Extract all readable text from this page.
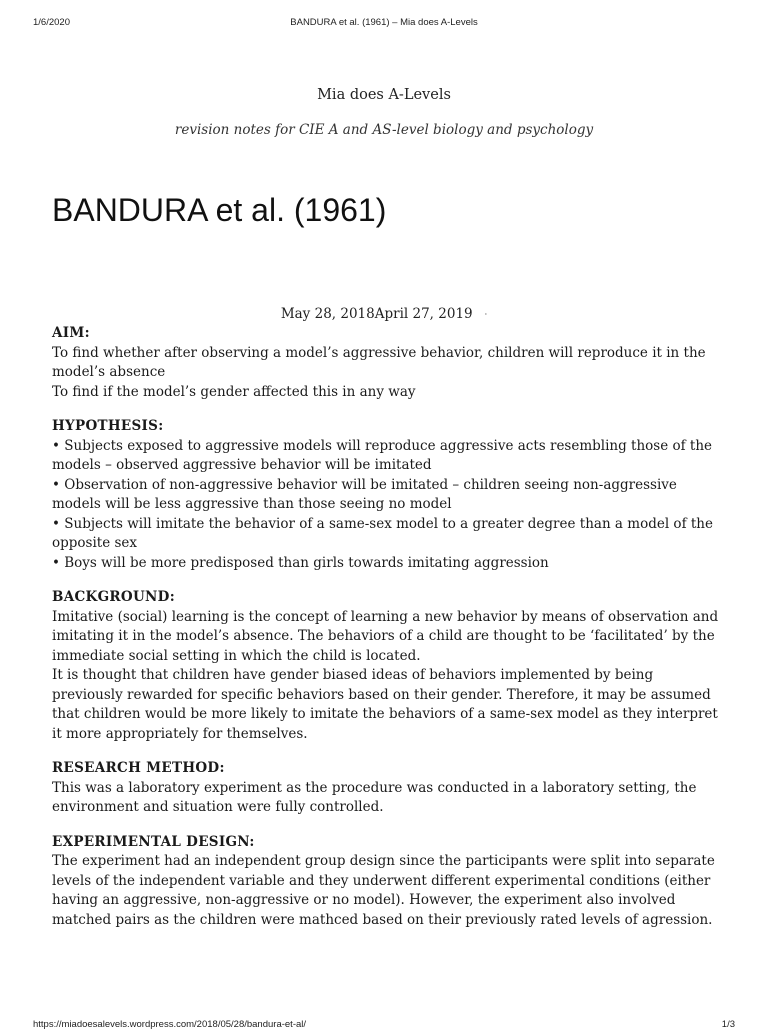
1/6/2020	BANDURA et al. (1961) – Mia does A-Levels
Mia does A-Levels
revision notes for CIE A and AS-level biology and psychology
BANDURA et al. (1961)
May 28, 2018April 27, 2019 ·
AIM:

To find whether after observing a model’s aggressive behavior, children will reproduce it in the model’s absence
To find if the model’s gender affected this in any way

HYPOTHESIS:

• Subjects exposed to aggressive models will reproduce aggressive acts resembling those of the models – observed aggressive behavior will be imitated
• Observation of non-aggressive behavior will be imitated – children seeing non-aggressive models will be less aggressive than those seeing no model
• Subjects will imitate the behavior of a same-sex model to a greater degree than a model of the opposite sex
• Boys will be more predisposed than girls towards imitating aggression

BACKGROUND:

Imitative (social) learning is the concept of learning a new behavior by means of observation and imitating it in the model’s absence. The behaviors of a child are thought to be ‘facilitated’ by the immediate social setting in which the child is located.
It is thought that children have gender biased ideas of behaviors implemented by being previously rewarded for specific behaviors based on their gender. Therefore, it may be assumed that children would be more likely to imitate the behaviors of a same-sex model as they interpret it more appropriately for themselves.

RESEARCH METHOD:

This was a laboratory experiment as the procedure was conducted in a laboratory setting, the environment and situation were fully controlled.

EXPERIMENTAL DESIGN:

The experiment had an independent group design since the participants were split into separate levels of the independent variable and they underwent different experimental conditions (either having an aggressive, non-aggressive or no model). However, the experiment also involved matched pairs as the children were mathced based on their previously rated levels of agression.

https://miadoesalevels.wordpress.com/2018/05/28/bandura-et-al/	1/3
